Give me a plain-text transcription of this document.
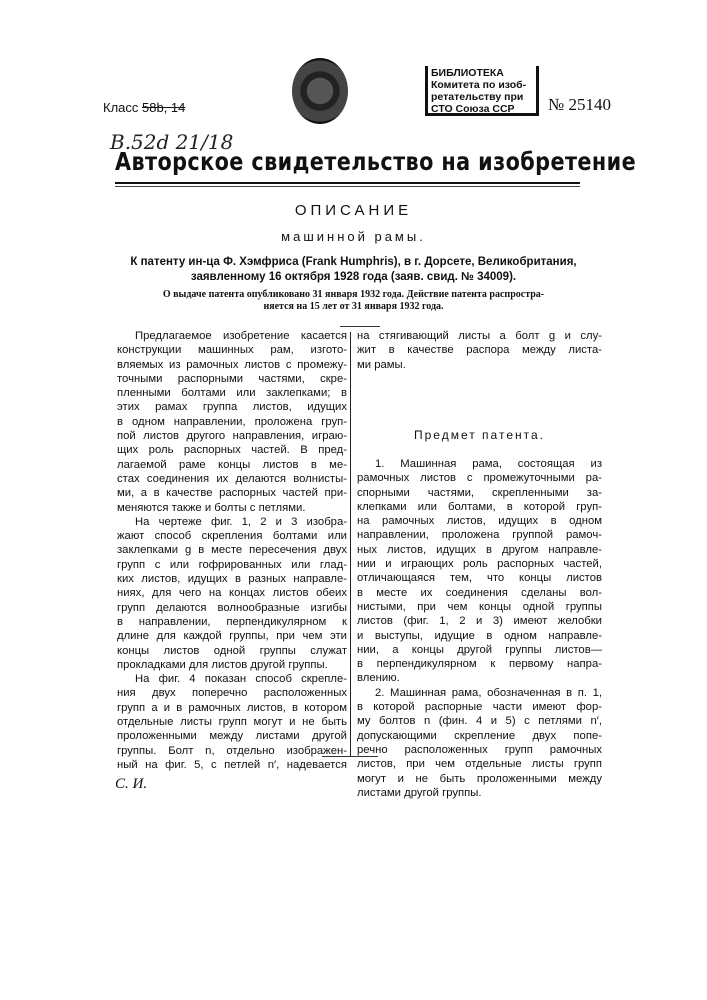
Класс 58b, 14
В.52d 21/18
БИБЛИОТЕКА
Комитета по изоб-
ретательству при
СТО Союза ССР	№ 25140
Авторское свидетельство на изобретение
ОПИСАНИЕ
машинной рамы.
К патенту ин-ца Ф. Хэмфриса (Frank Humphris), в г. Дорсете, Великобритания,
заявленному 16 октября 1928 года (заяв. свид. № 34009).
О выдаче патента опубликовано 31 января 1932 года. Действие патента распростра-
няется на 15 лет от 31 января 1932 года.
Предлагаемое изобретение касается
конструкции машинных рам, изгото-
вляемых из рамочных листов с промежу-
точными распорными частями, скре-
пленными болтами или заклепками; в
этих рамах группа листов, идущих
в одном направлении, проложена груп-
пой листов другого направления, играю-
щих роль распорных частей. В пред-
лагаемой раме концы листов в ме-
стах соединения их делаются волнисты-
ми, а в качестве распорных частей при-
меняются также и болты с петлями.
На чертеже фиг. 1, 2 и 3 изобра-
жают способ скрепления болтами или
заклепками g в месте пересечения двух
групп c или гофрированных или глад-
ких листов, идущих в разных направле-
ниях, для чего на концах листов обеих
групп делаются волнообразные изгибы
в направлении, перпендикулярном к
длине для каждой группы, при чем эти
концы листов одной группы служат
прокладками для листов другой группы.
На фиг. 4 показан способ скрепле-
ния двух поперечно расположенных
групп a и в рамочных листов, в котором
отдельные листы групп могут и не быть
проложенными между листами другой
группы. Болт n, отдельно изображен-
ный на фиг. 5, с петлей n′, надевается
на стягивающий листы a болт g и слу-
жит в качестве распора между листа-
ми рамы.
Предмет патента.
1. Машинная рама, состоящая из
рамочных листов с промежуточными ра-
спорными частями, скрепленными за-
клепками или болтами, в которой груп-
на рамочных листов, идущих в одном
направлении, проложена группой рамоч-
ных листов, идущих в другом направле-
нии и играющих роль распорных частей,
отличающаяся тем, что концы листов
в месте их соединения сделаны вол-
нистыми, при чем концы одной группы
листов (фиг. 1, 2 и 3) имеют желобки
и выступы, идущие в одном направле-
нии, а концы другой группы листов—
в перпендикулярном к первому напра-
влению.
2. Машинная рама, обозначенная в п. 1,
в которой распорные части имеют фор-
му болтов n (фин. 4 и 5) с петлями n′,
допускающими скрепление двух попе-
речно расположенных групп рамочных
листов, при чем отдельные листы групп
могут и не быть проложенными между
листами другой группы.
С. И.
